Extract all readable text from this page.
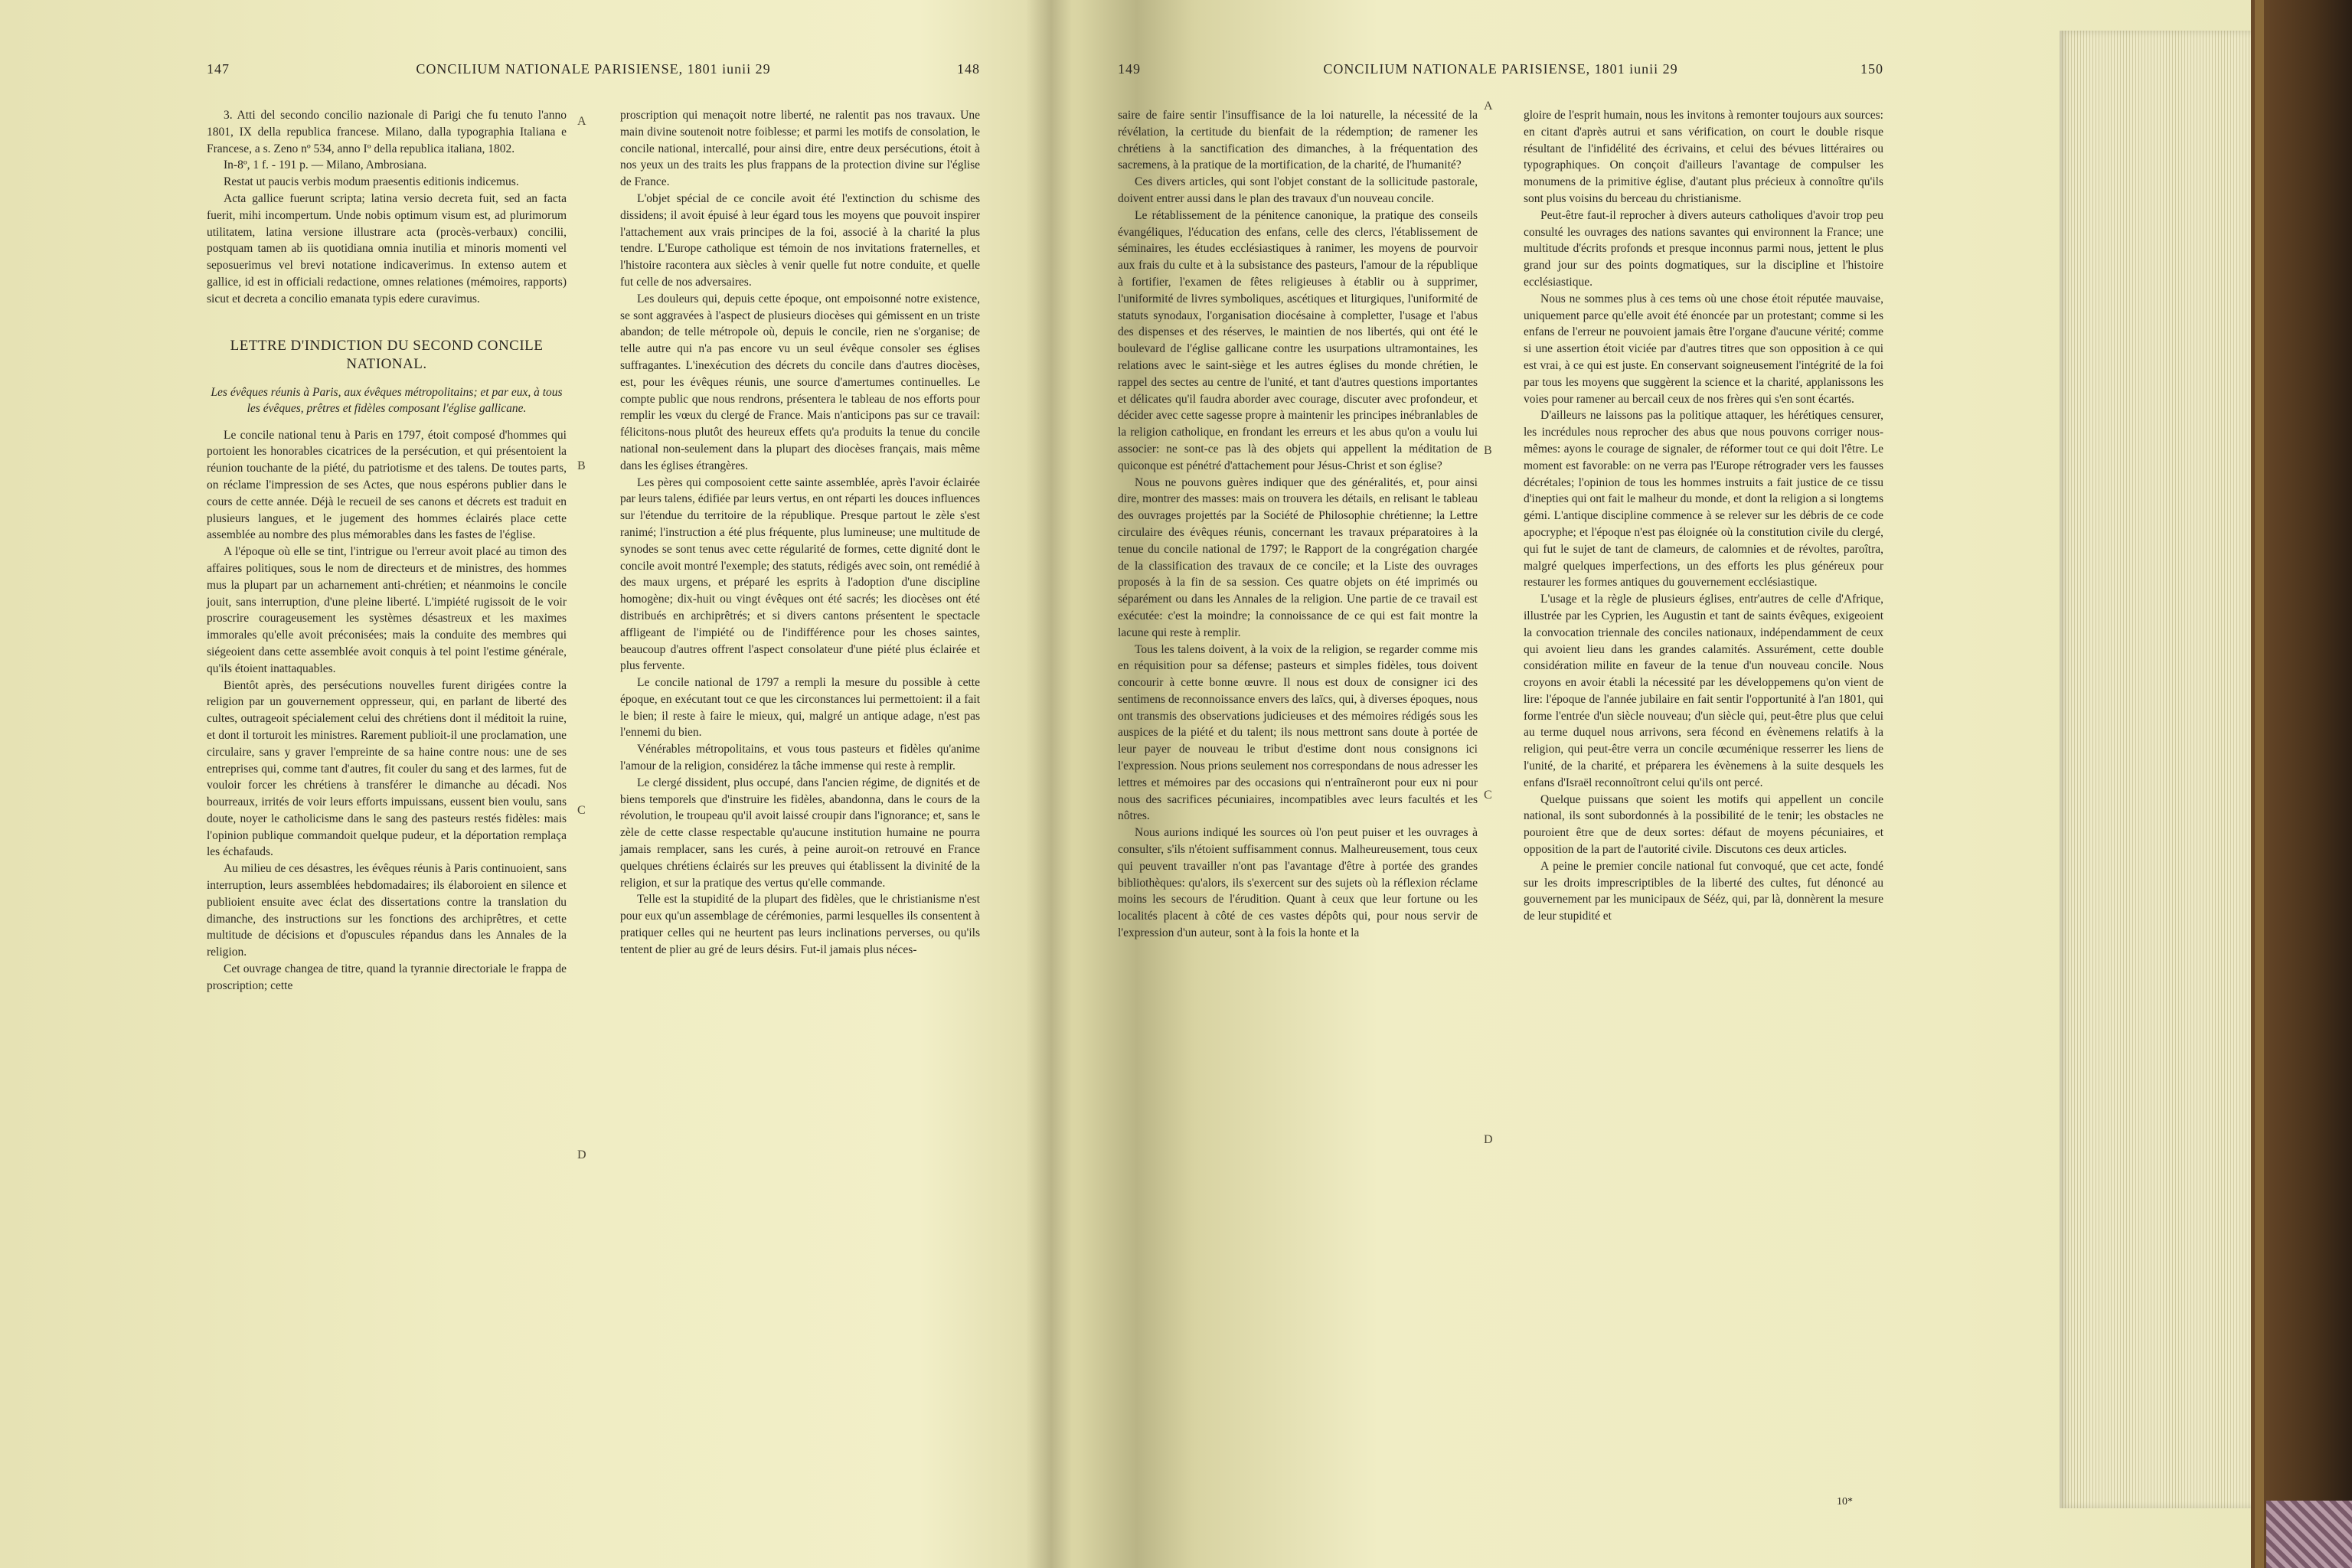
147	CONCILIUM NATIONALE PARISIENSE, 1801 iunii 29	148

3. Atti del secondo concilio nazionale di Parigi che fu tenuto l'anno 1801, IX della republica francese. Milano, dalla typographia Italiana e Francese, a s. Zeno nº 534, anno Iº della republica italiana, 1802.

In-8º, 1 f. - 191 p. — Milano, Ambrosiana.

Restat ut paucis verbis modum praesentis editionis indicemus.

Acta gallice fuerunt scripta; latina versio decreta fuit, sed an facta fuerit, mihi incompertum. Unde nobis optimum visum est, ad plurimorum utilitatem, latina versione illustrare acta (procès-verbaux) concilii, postquam tamen ab iis quotidiana omnia inutilia et minoris momenti vel seposuerimus vel brevi notatione indicaverimus. In extenso autem et gallice, id est in officiali redactione, omnes relationes (mémoires, rapports) sicut et decreta a concilio emanata typis edere curavimus.

LETTRE D'INDICTION DU SECOND CONCILE NATIONAL.
Les évêques réunis à Paris, aux évêques métropolitains; et par eux, à tous les évêques, prêtres et fidèles composant l'église gallicane.

Le concile national tenu à Paris en 1797, étoit composé d'hommes qui portoient les honorables cicatrices de la persécution, et qui présentoient la réunion touchante de la piété, du patriotisme et des talens. De toutes parts, on réclame l'impression de ses Actes, que nous espérons publier dans le cours de cette année. Déjà le recueil de ses canons et décrets est traduit en plusieurs langues, et le jugement des hommes éclairés place cette assemblée au nombre des plus mémorables dans les fastes de l'église.

A l'époque où elle se tint, l'intrigue ou l'erreur avoit placé au timon des affaires politiques, sous le nom de directeurs et de ministres, des hommes mus la plupart par un acharnement anti-chrétien; et néanmoins le concile jouit, sans interruption, d'une pleine liberté. L'impiété rugissoit de le voir proscrire courageusement les systèmes désastreux et les maximes immorales qu'elle avoit préconisées; mais la conduite des membres qui siégeoient dans cette assemblée avoit conquis à tel point l'estime générale, qu'ils étoient inattaquables.

Bientôt après, des persécutions nouvelles furent dirigées contre la religion par un gouvernement oppresseur, qui, en parlant de liberté des cultes, outrageoit spécialement celui des chrétiens dont il méditoit la ruine, et dont il torturoit les ministres. Rarement publioit-il une proclamation, une circulaire, sans y graver l'empreinte de sa haine contre nous: une de ses entreprises qui, comme tant d'autres, fit couler du sang et des larmes, fut de vouloir forcer les chrétiens à transférer le dimanche au décadi. Nos bourreaux, irrités de voir leurs efforts impuissans, eussent bien voulu, sans doute, noyer le catholicisme dans le sang des pasteurs restés fidèles: mais l'opinion publique commandoit quelque pudeur, et la déportation remplaça les échafauds.

Au milieu de ces désastres, les évêques réunis à Paris continuoient, sans interruption, leurs assemblées hebdomadaires; ils élaboroient en silence et publioient ensuite avec éclat des dissertations contre la translation du dimanche, des instructions sur les fonctions des archiprêtres, et cette multitude de décisions et d'opuscules répandus dans les Annales de la religion.

Cet ouvrage changea de titre, quand la tyrannie directoriale le frappa de proscription; cette

proscription qui menaçoit notre liberté, ne ralentit pas nos travaux. Une main divine soutenoit notre foiblesse; et parmi les motifs de consolation, le concile national, intercallé, pour ainsi dire, entre deux persécutions, étoit à nos yeux un des traits les plus frappans de la protection divine sur l'église de France.

L'objet spécial de ce concile avoit été l'extinction du schisme des dissidens; il avoit épuisé à leur égard tous les moyens que pouvoit inspirer l'attachement aux vrais principes de la foi, associé à la charité la plus tendre. L'Europe catholique est témoin de nos invitations fraternelles, et l'histoire racontera aux siècles à venir quelle fut notre conduite, et quelle fut celle de nos adversaires.

Les douleurs qui, depuis cette époque, ont empoisonné notre existence, se sont aggravées à l'aspect de plusieurs diocèses qui gémissent en un triste abandon; de telle métropole où, depuis le concile, rien ne s'organise; de telle autre qui n'a pas encore vu un seul évêque consoler ses églises suffragantes. L'inexécution des décrets du concile dans d'autres diocèses, est, pour les évêques réunis, une source d'amertumes continuelles. Le compte public que nous rendrons, présentera le tableau de nos efforts pour remplir les vœux du clergé de France. Mais n'anticipons pas sur ce travail: félicitons-nous plutôt des heureux effets qu'a produits la tenue du concile national non-seulement dans la plupart des diocèses français, mais même dans les églises étrangères.

Les pères qui composoient cette sainte assemblée, après l'avoir éclairée par leurs talens, édifiée par leurs vertus, en ont réparti les douces influences sur l'étendue du territoire de la république. Presque partout le zèle s'est ranimé; l'instruction a été plus fréquente, plus lumineuse; une multitude de synodes se sont tenus avec cette régularité de formes, cette dignité dont le concile avoit montré l'exemple; des statuts, rédigés avec soin, ont remédié à des maux urgens, et préparé les esprits à l'adoption d'une discipline homogène; dix-huit ou vingt évêques ont été sacrés; les diocèses ont été distribués en archiprêtrés; et si divers cantons présentent le spectacle affligeant de l'impiété ou de l'indifférence pour les choses saintes, beaucoup d'autres offrent l'aspect consolateur d'une piété plus éclairée et plus fervente.

Le concile national de 1797 a rempli la mesure du possible à cette époque, en exécutant tout ce que les circonstances lui permettoient: il a fait le bien; il reste à faire le mieux, qui, malgré un antique adage, n'est pas l'ennemi du bien.

Vénérables métropolitains, et vous tous pasteurs et fidèles qu'anime l'amour de la religion, considérez la tâche immense qui reste à remplir.

Le clergé dissident, plus occupé, dans l'ancien régime, de dignités et de biens temporels que d'instruire les fidèles, abandonna, dans le cours de la révolution, le troupeau qu'il avoit laissé croupir dans l'ignorance; et, sans le zèle de cette classe respectable qu'aucune institution humaine ne pourra jamais remplacer, sans les curés, à peine auroit-on retrouvé en France quelques chrétiens éclairés sur les preuves qui établissent la divinité de la religion, et sur la pratique des vertus qu'elle commande.

Telle est la stupidité de la plupart des fidèles, que le christianisme n'est pour eux qu'un assemblage de cérémonies, parmi lesquelles ils consentent à pratiquer celles qui ne heurtent pas leurs inclinations perverses, ou qu'ils tentent de plier au gré de leurs désirs. Fut-il jamais plus néces-

A
B
C
D
149	CONCILIUM NATIONALE PARISIENSE, 1801 iunii 29	150

saire de faire sentir l'insuffisance de la loi naturelle, la nécessité de la révélation, la certitude du bienfait de la rédemption; de ramener les chrétiens à la sanctification des dimanches, à la fréquentation des sacremens, à la pratique de la mortification, de la charité, de l'humanité?

Ces divers articles, qui sont l'objet constant de la sollicitude pastorale, doivent entrer aussi dans le plan des travaux d'un nouveau concile.

Le rétablissement de la pénitence canonique, la pratique des conseils évangéliques, l'éducation des enfans, celle des clercs, l'établissement de séminaires, les études ecclésiastiques à ranimer, les moyens de pourvoir aux frais du culte et à la subsistance des pasteurs, l'amour de la république à fortifier, l'examen de fêtes religieuses à établir ou à supprimer, l'uniformité de livres symboliques, ascétiques et liturgiques, l'uniformité de statuts synodaux, l'organisation diocésaine à completter, l'usage et l'abus des dispenses et des réserves, le maintien de nos libertés, qui ont été le boulevard de l'église gallicane contre les usurpations ultramontaines, les relations avec le saint-siège et les autres églises du monde chrétien, le rappel des sectes au centre de l'unité, et tant d'autres questions importantes et délicates qu'il faudra aborder avec courage, discuter avec profondeur, et décider avec cette sagesse propre à maintenir les principes inébranlables de la religion catholique, en frondant les erreurs et les abus qu'on a voulu lui associer: ne sont-ce pas là des objets qui appellent la méditation de quiconque est pénétré d'attachement pour Jésus-Christ et son église?

Nous ne pouvons guères indiquer que des généralités, et, pour ainsi dire, montrer des masses: mais on trouvera les détails, en relisant le tableau des ouvrages projettés par la Société de Philosophie chrétienne; la Lettre circulaire des évêques réunis, concernant les travaux préparatoires à la tenue du concile national de 1797; le Rapport de la congrégation chargée de la classification des travaux de ce concile; et la Liste des ouvrages proposés à la fin de sa session. Ces quatre objets on été imprimés ou séparément ou dans les Annales de la religion. Une partie de ce travail est exécutée: c'est la moindre; la connoissance de ce qui est fait montre la lacune qui reste à remplir.

Tous les talens doivent, à la voix de la religion, se regarder comme mis en réquisition pour sa défense; pasteurs et simples fidèles, tous doivent concourir à cette bonne œuvre. Il nous est doux de consigner ici des sentimens de reconnoissance envers des laïcs, qui, à diverses époques, nous ont transmis des observations judicieuses et des mémoires rédigés sous les auspices de la piété et du talent; ils nous mettront sans doute à portée de leur payer de nouveau le tribut d'estime dont nous consignons ici l'expression. Nous prions seulement nos correspondans de nous adresser les lettres et mémoires par des occasions qui n'entraîneront pour eux ni pour nous des sacrifices pécuniaires, incompatibles avec leurs facultés et les nôtres.

Nous aurions indiqué les sources où l'on peut puiser et les ouvrages à consulter, s'ils n'étoient suffisamment connus. Malheureusement, tous ceux qui peuvent travailler n'ont pas l'avantage d'être à portée des grandes bibliothèques: qu'alors, ils s'exercent sur des sujets où la réflexion réclame moins les secours de l'érudition. Quant à ceux que leur fortune ou les localités placent à côté de ces vastes dépôts qui, pour nous servir de l'expression d'un auteur, sont à la fois la honte et la

gloire de l'esprit humain, nous les invitons à remonter toujours aux sources: en citant d'après autrui et sans vérification, on court le double risque résultant de l'infidélité des écrivains, et celui des bévues littéraires ou typographiques. On conçoit d'ailleurs l'avantage de compulser les monumens de la primitive église, d'autant plus précieux à connoître qu'ils sont plus voisins du berceau du christianisme.

Peut-être faut-il reprocher à divers auteurs catholiques d'avoir trop peu consulté les ouvrages des nations savantes qui environnent la France; une multitude d'écrits profonds et presque inconnus parmi nous, jettent le plus grand jour sur des points dogmatiques, sur la discipline et l'histoire ecclésiastique.

Nous ne sommes plus à ces tems où une chose étoit réputée mauvaise, uniquement parce qu'elle avoit été énoncée par un protestant; comme si les enfans de l'erreur ne pouvoient jamais être l'organe d'aucune vérité; comme si une assertion étoit viciée par d'autres titres que son opposition à ce qui est vrai, à ce qui est juste. En conservant soigneusement l'intégrité de la foi par tous les moyens que suggèrent la science et la charité, applanissons les voies pour ramener au bercail ceux de nos frères qui s'en sont écartés.

D'ailleurs ne laissons pas la politique attaquer, les hérétiques censurer, les incrédules nous reprocher des abus que nous pouvons corriger nous-mêmes: ayons le courage de signaler, de réformer tout ce qui doit l'être. Le moment est favorable: on ne verra pas l'Europe rétrograder vers les fausses décrétales; l'opinion de tous les hommes instruits a fait justice de ce tissu d'inepties qui ont fait le malheur du monde, et dont la religion a si longtems gémi. L'antique discipline commence à se relever sur les débris de ce code apocryphe; et l'époque n'est pas éloignée où la constitution civile du clergé, qui fut le sujet de tant de clameurs, de calomnies et de révoltes, paroîtra, malgré quelques imperfections, un des efforts les plus généreux pour restaurer les formes antiques du gouvernement ecclésiastique.

L'usage et la règle de plusieurs églises, entr'autres de celle d'Afrique, illustrée par les Cyprien, les Augustin et tant de saints évêques, exigeoient la convocation triennale des conciles nationaux, indépendamment de ceux qui avoient lieu dans les grandes calamités. Assurément, cette double considération milite en faveur de la tenue d'un nouveau concile. Nous croyons en avoir établi la nécessité par les développemens qu'on vient de lire: l'époque de l'année jubilaire en fait sentir l'opportunité à l'an 1801, qui forme l'entrée d'un siècle nouveau; d'un siècle qui, peut-être plus que celui au terme duquel nous arrivons, sera fécond en évènemens relatifs à la religion, qui peut-être verra un concile œcuménique resserrer les liens de l'unité, de la charité, et préparera les évènemens à la suite desquels les enfans d'Israël reconnoîtront celui qu'ils ont percé.

Quelque puissans que soient les motifs qui appellent un concile national, ils sont subordonnés à la possibilité de le tenir; les obstacles ne pouroient être que de deux sortes: défaut de moyens pécuniaires, et opposition de la part de l'autorité civile. Discutons ces deux articles.

A peine le premier concile national fut convoqué, que cet acte, fondé sur les droits imprescriptibles de la liberté des cultes, fut dénoncé au gouvernement par les municipaux de Sééz, qui, par là, donnèrent la mesure de leur stupidité et

A
B
C
D
10*
